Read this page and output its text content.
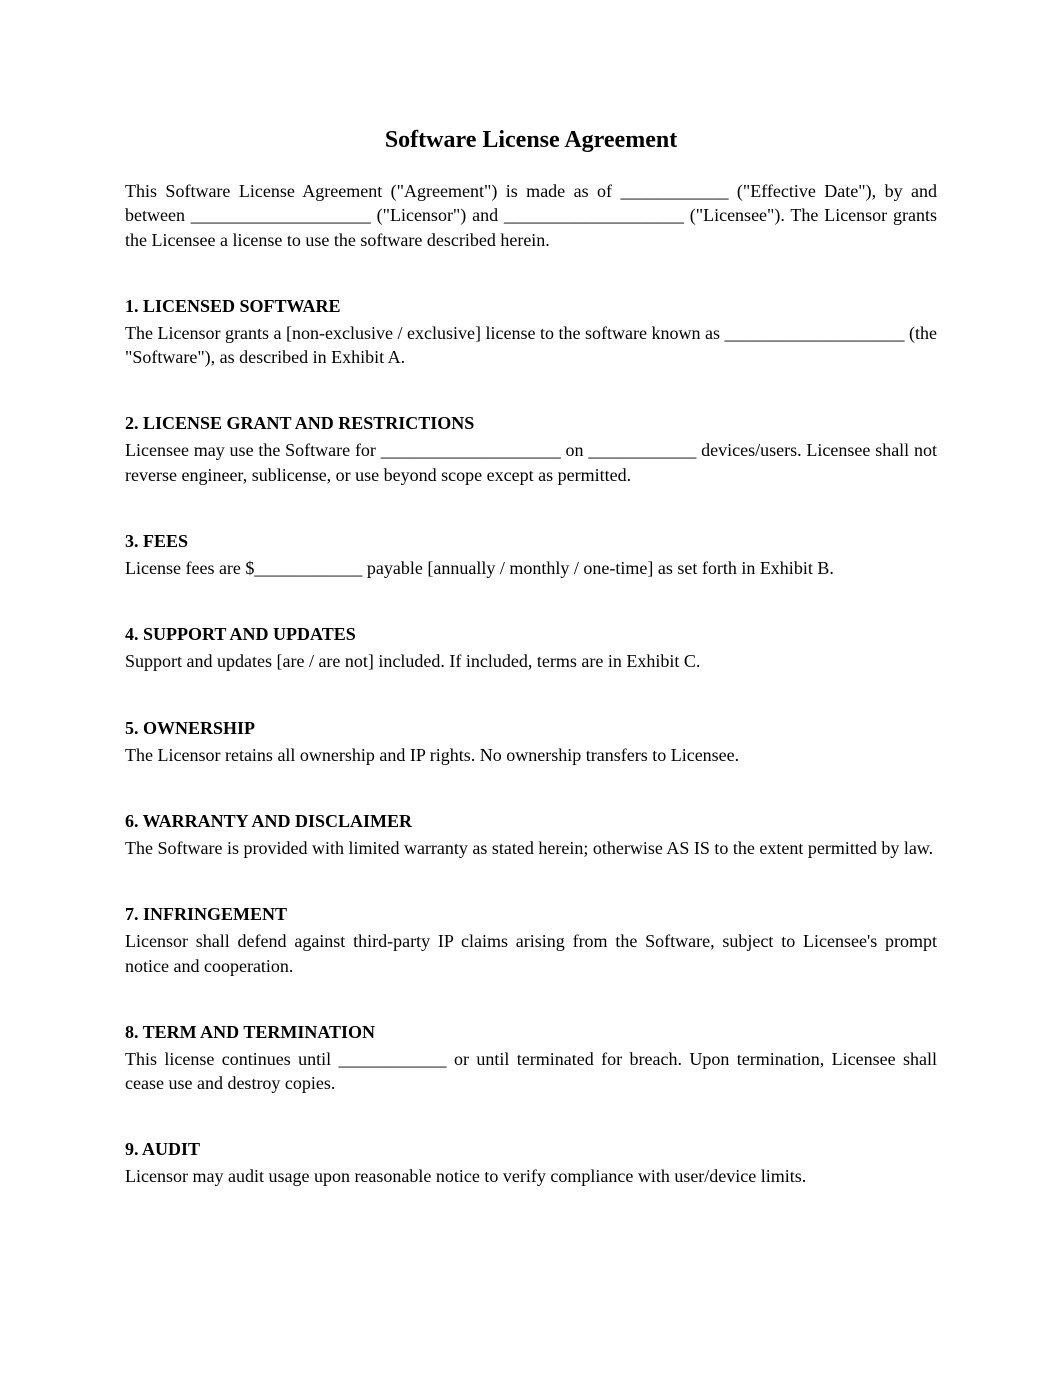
Software License Agreement

This Software License Agreement ("Agreement") is made as of ____________ ("Effective Date"), by and between ____________________ ("Licensor") and ____________________ ("Licensee"). The Licensor grants the Licensee a license to use the software described herein.

1. LICENSED SOFTWARE

The Licensor grants a [non-exclusive / exclusive] license to the software known as ____________________ (the "Software"), as described in Exhibit A.

2. LICENSE GRANT AND RESTRICTIONS

Licensee may use the Software for ____________________ on ____________ devices/users. Licensee shall not reverse engineer, sublicense, or use beyond scope except as permitted.

3. FEES

License fees are $____________ payable [annually / monthly / one-time] as set forth in Exhibit B.

4. SUPPORT AND UPDATES

Support and updates [are / are not] included. If included, terms are in Exhibit C.

5. OWNERSHIP

The Licensor retains all ownership and IP rights. No ownership transfers to Licensee.

6. WARRANTY AND DISCLAIMER

The Software is provided with limited warranty as stated herein; otherwise AS IS to the extent permitted by law.

7. INFRINGEMENT

Licensor shall defend against third-party IP claims arising from the Software, subject to Licensee's prompt notice and cooperation.

8. TERM AND TERMINATION

This license continues until ____________ or until terminated for breach. Upon termination, Licensee shall cease use and destroy copies.

9. AUDIT

Licensor may audit usage upon reasonable notice to verify compliance with user/device limits.
